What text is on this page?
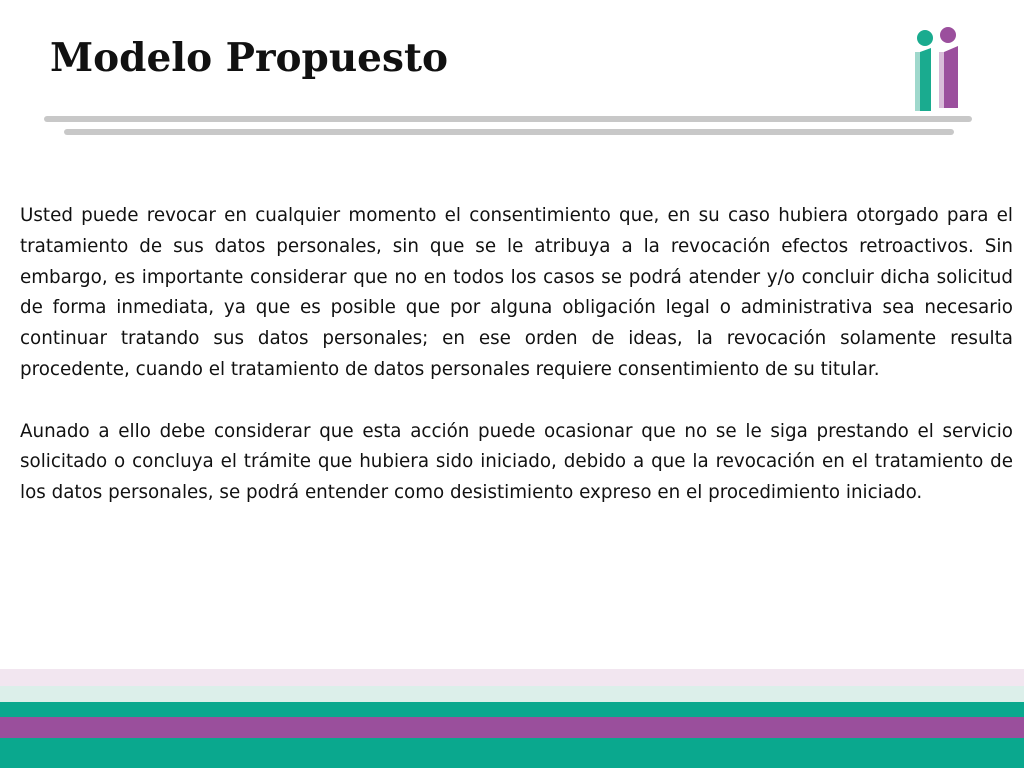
Modelo Propuesto

Usted puede revocar en cualquier momento el consentimiento que, en su caso hubiera otorgado para el tratamiento de sus datos personales, sin que se le atribuya a la revocación efectos retroactivos. Sin embargo, es importante considerar que no en todos los casos se podrá atender y/o concluir dicha solicitud de forma inmediata, ya que es posible que por alguna obligación legal o administrativa sea necesario continuar tratando sus datos personales; en ese orden de ideas, la revocación solamente resulta procedente, cuando el tratamiento de datos personales requiere consentimiento de su titular.

Aunado a ello debe considerar que esta acción puede ocasionar que no se le siga prestando el servicio solicitado o concluya el trámite que hubiera sido iniciado, debido a que la revocación en el tratamiento de los datos personales, se podrá entender como desistimiento expreso en el procedimiento iniciado.
